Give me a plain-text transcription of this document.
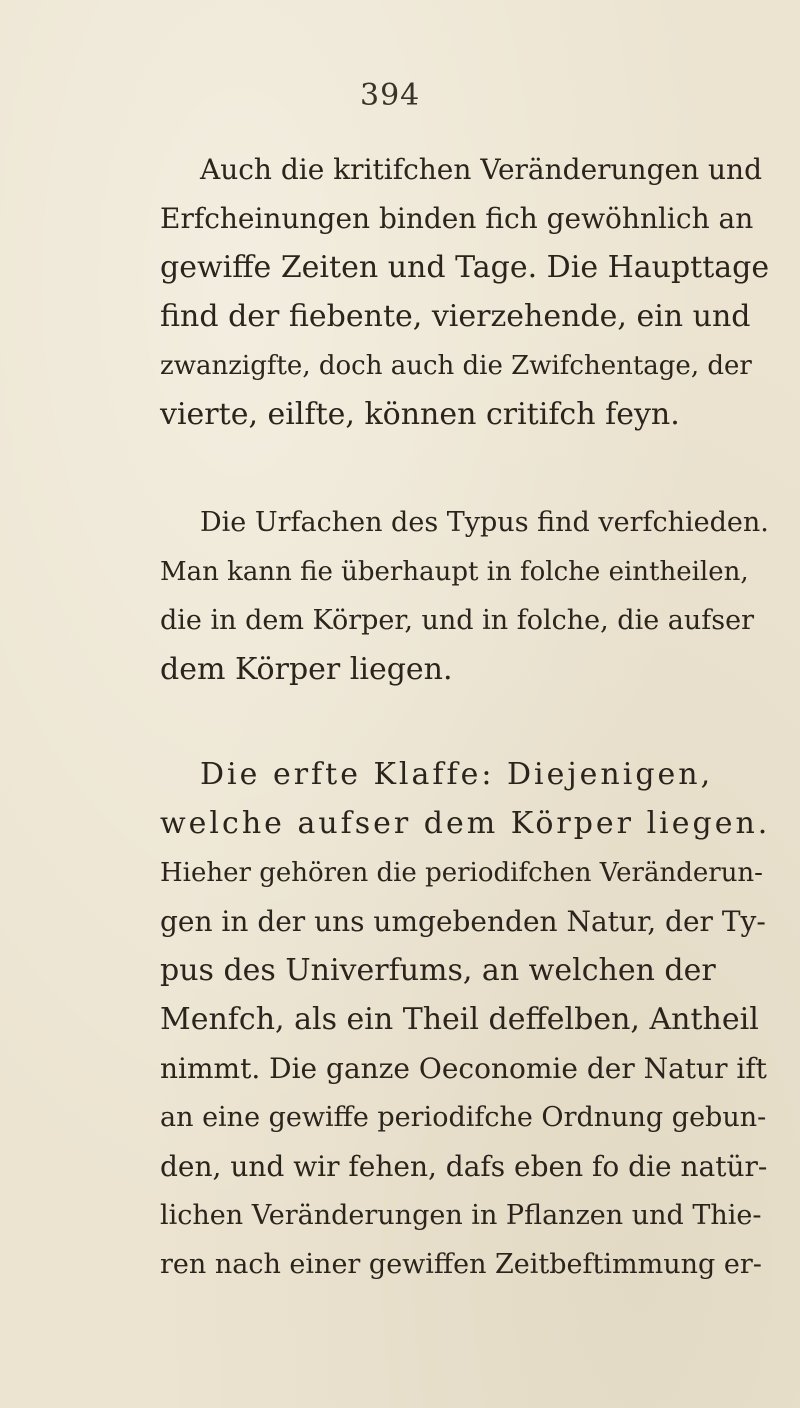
394
Auch die kritifchen Veränderungen und
Erfcheinungen binden fich gewöhnlich an
gewiffe Zeiten und Tage. Die Haupttage
find der fiebente, vierzehende, ein und
zwanzigfte, doch auch die Zwifchentage, der
vierte, eilfte, können critifch feyn.
Die Urfachen des Typus find verfchieden.
Man kann fie überhaupt in folche eintheilen,
die in dem Körper, und in folche, die aufser
dem Körper liegen.
Die erfte Klaffe: Diejenigen,
welche aufser dem Körper liegen.
Hieher gehören die periodifchen Veränderun-
gen in der uns umgebenden Natur, der Ty-
pus des Univerfums, an welchen der
Menfch, als ein Theil deffelben, Antheil
nimmt. Die ganze Oeconomie der Natur ift
an eine gewiffe periodifche Ordnung gebun-
den, und wir fehen, dafs eben fo die natür-
lichen Veränderungen in Pflanzen und Thie-
ren nach einer gewiffen Zeitbeftimmung er-
